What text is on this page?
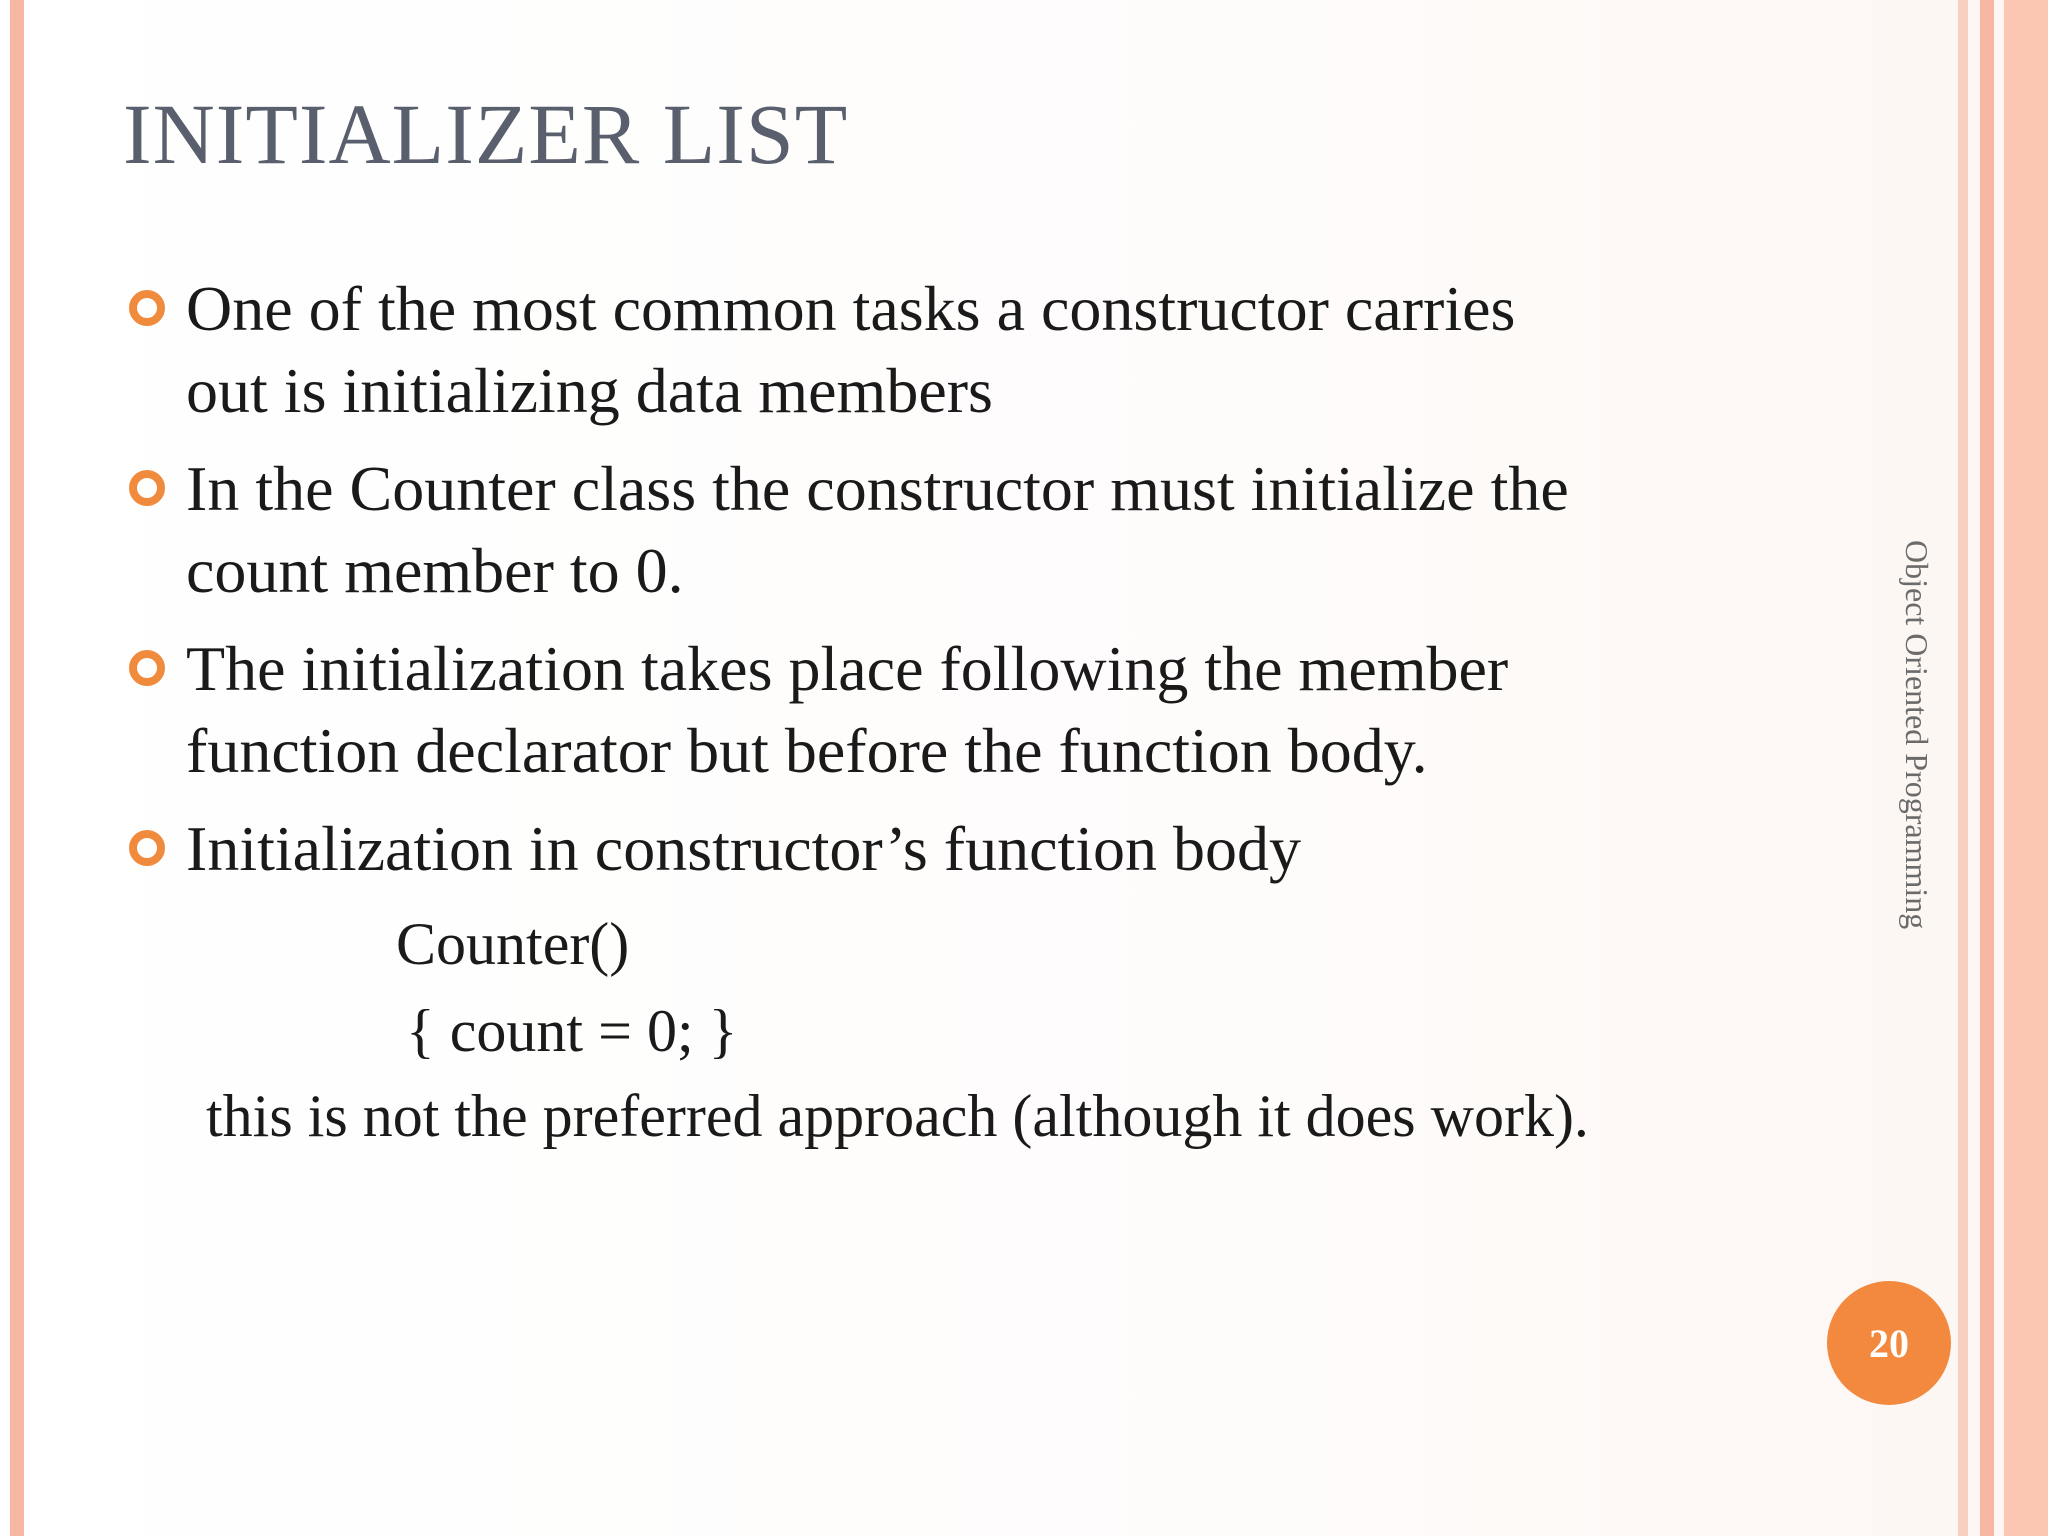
INITIALIZER LIST
One of the most common tasks a constructor carries
out is initializing data members
In the Counter class the constructor must initialize the
count member to 0.
The initialization takes place following the member
function declarator but before the function body.
Initialization in constructor’s function body
Counter()
{ count = 0; }
this is not the preferred approach (although it does work).
Object Oriented Programming
20
